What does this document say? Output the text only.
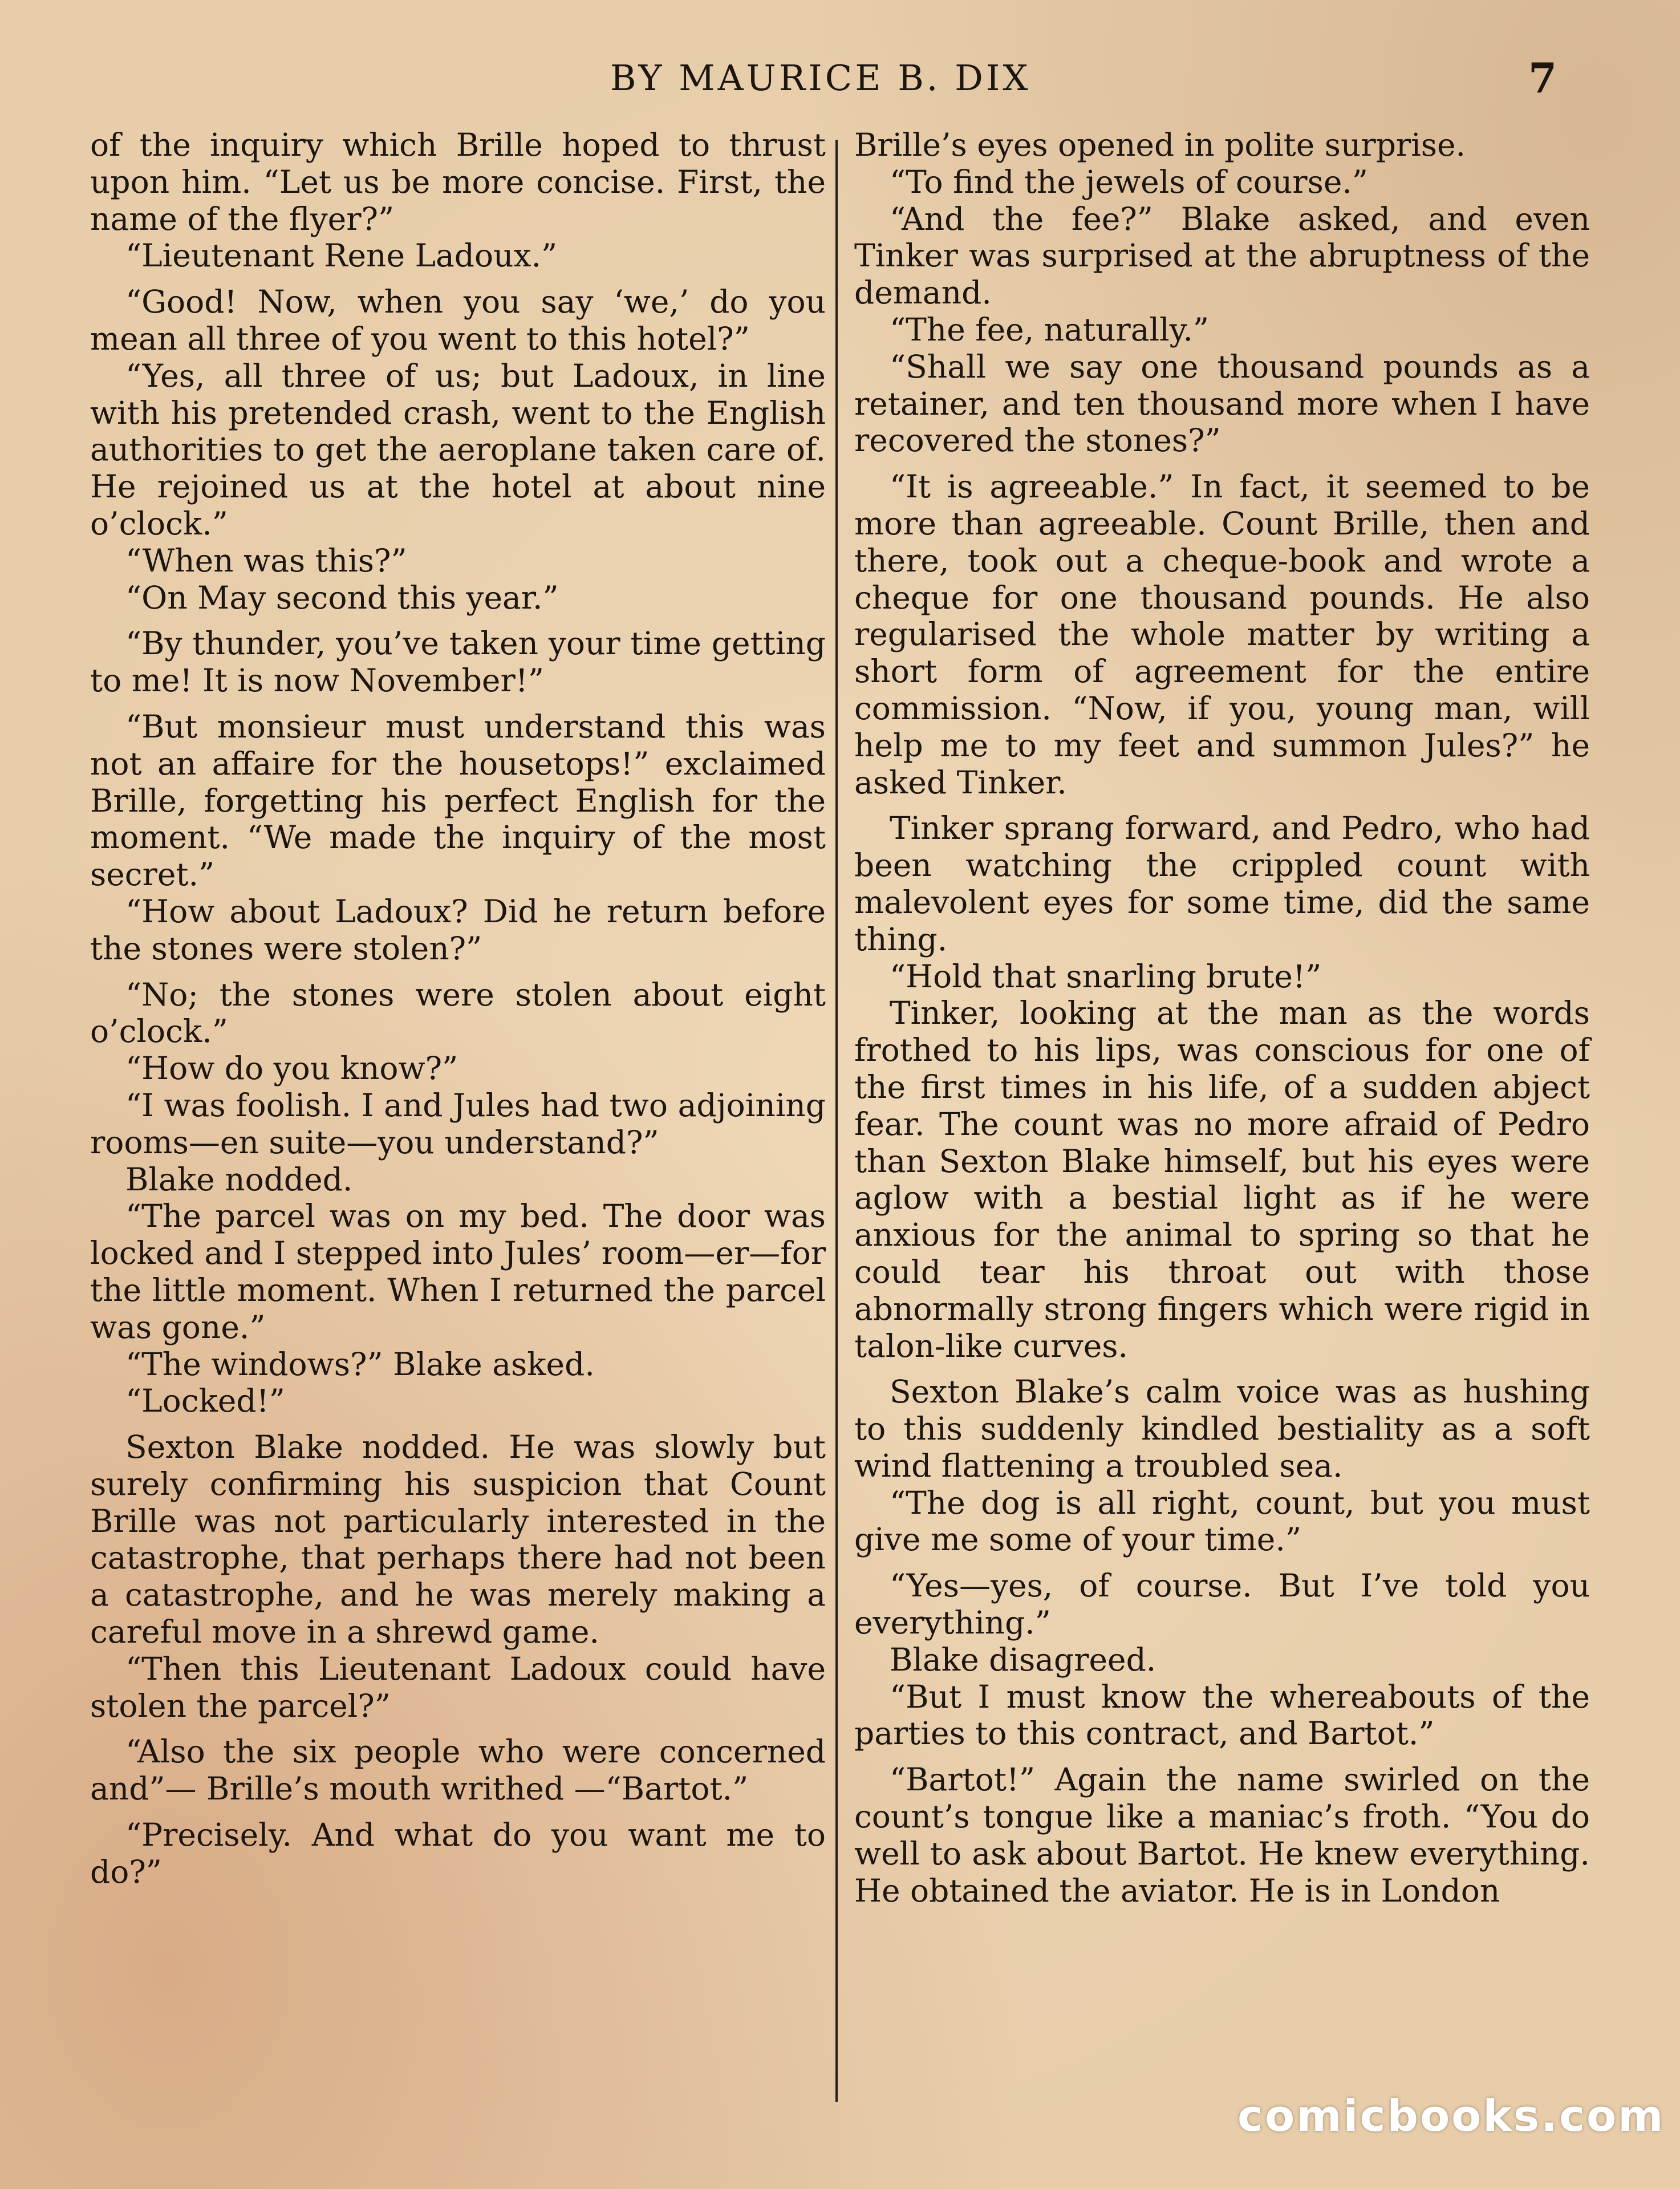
BY MAURICE B. DIX	7

of the inquiry which Brille hoped to thrust upon him. “Let us be more concise. First, the name of the flyer?”

“Lieutenant Rene Ladoux.”

“Good! Now, when you say ‘we,’ do you mean all three of you went to this hotel?”

“Yes, all three of us; but Ladoux, in line with his pretended crash, went to the English authorities to get the aeroplane taken care of. He rejoined us at the hotel at about nine o’clock.”

“When was this?”

“On May second this year.”

“By thunder, you’ve taken your time getting to me! It is now November!”

“But monsieur must understand this was not an affaire for the housetops!” exclaimed Brille, forgetting his perfect English for the moment. “We made the inquiry of the most secret.”

“How about Ladoux? Did he return before the stones were stolen?”

“No; the stones were stolen about eight o’clock.”

“How do you know?”

“I was foolish. I and Jules had two adjoining rooms—en suite—you understand?”

Blake nodded.

“The parcel was on my bed. The door was locked and I stepped into Jules’ room—er—for the little moment. When I returned the parcel was gone.”

“The windows?” Blake asked.

“Locked!”

Sexton Blake nodded. He was slowly but surely confirming his suspicion that Count Brille was not particularly interested in the catastrophe, that perhaps there had not been a catastrophe, and he was merely making a careful move in a shrewd game.

“Then this Lieutenant Ladoux could have stolen the parcel?”

“Also the six people who were concerned and”— Brille’s mouth writhed —“Bartot.”

“Precisely. And what do you want me to do?”

Brille’s eyes opened in polite surprise.

“To find the jewels of course.”

“And the fee?” Blake asked, and even Tinker was surprised at the abruptness of the demand.

“The fee, naturally.”

“Shall we say one thousand pounds as a retainer, and ten thousand more when I have recovered the stones?”

“It is agreeable.” In fact, it seemed to be more than agreeable. Count Brille, then and there, took out a cheque-book and wrote a cheque for one thousand pounds. He also regularised the whole matter by writing a short form of agreement for the entire commission. “Now, if you, young man, will help me to my feet and summon Jules?” he asked Tinker.

Tinker sprang forward, and Pedro, who had been watching the crippled count with malevolent eyes for some time, did the same thing.

“Hold that snarling brute!”

Tinker, looking at the man as the words frothed to his lips, was conscious for one of the first times in his life, of a sudden abject fear. The count was no more afraid of Pedro than Sexton Blake himself, but his eyes were aglow with a bestial light as if he were anxious for the animal to spring so that he could tear his throat out with those abnormally strong fingers which were rigid in talon-like curves.

Sexton Blake’s calm voice was as hushing to this suddenly kindled bestiality as a soft wind flattening a troubled sea.

“The dog is all right, count, but you must give me some of your time.”

“Yes—yes, of course. But I’ve told you everything.”

Blake disagreed.

“But I must know the whereabouts of the parties to this contract, and Bartot.”

“Bartot!” Again the name swirled on the count’s tongue like a maniac’s froth. “You do well to ask about Bartot. He knew everything. He obtained the aviator. He is in London

comicbooks.com
